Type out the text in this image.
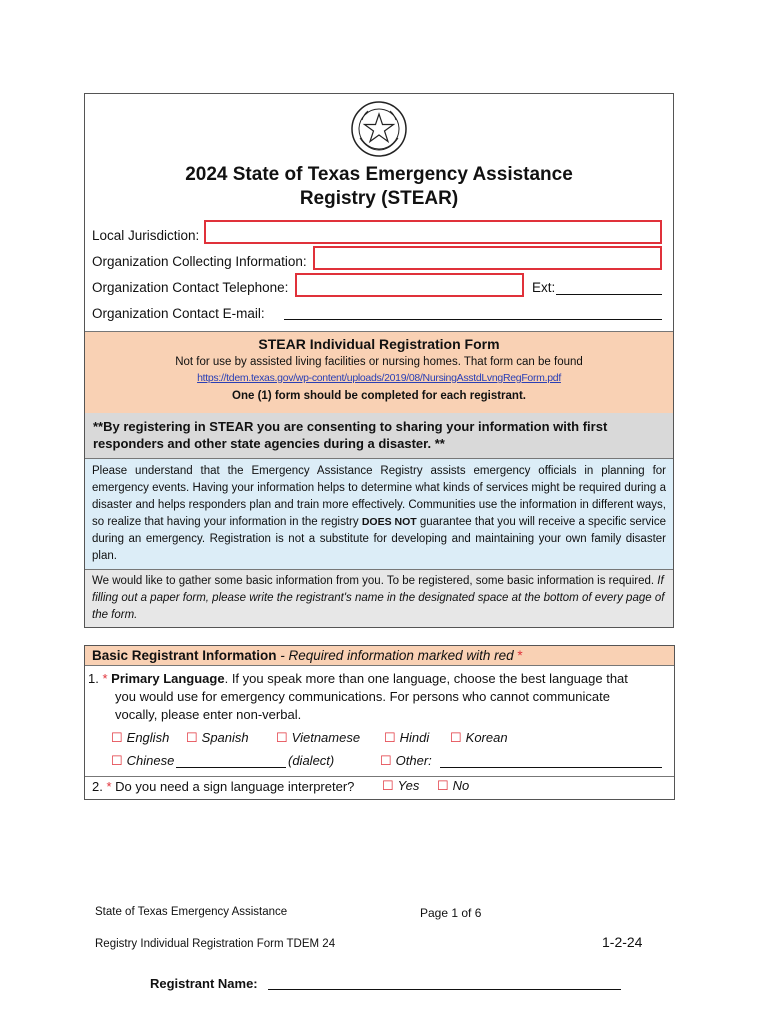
2024 State of Texas Emergency Assistance
Registry (STEAR)
Local Jurisdiction:
Organization Collecting Information:
Organization Contact Telephone:	Ext:
Organization Contact E-mail:
STEAR Individual Registration Form
Not for use by assisted living facilities or nursing homes. That form can be found
https://tdem.texas.gov/wp-content/uploads/2019/08/NursingAsstdLvngRegForm.pdf
One (1) form should be completed for each registrant.
**By registering in STEAR you are consenting to sharing your information with first responders and other state agencies during a disaster. **
Please understand that the Emergency Assistance Registry assists emergency officials in planning for emergency events. Having your information helps to determine what kinds of services might be required during a disaster and helps responders plan and train more effectively. Communities use the information in different ways, so realize that having your information in the registry DOES NOT guarantee that you will receive a specific service during an emergency. Registration is not a substitute for developing and maintaining your own family disaster plan.
We would like to gather some basic information from you. To be registered, some basic information is required. If filling out a paper form, please write the registrant's name in the designated space at the bottom of every page of the form.
Basic Registrant Information - Required information marked with red *
1. * Primary Language. If you speak more than one language, choose the best language that
you would use for emergency communications. For persons who cannot communicate
vocally, please enter non-verbal.
☐ English ☐ Spanish ☐ Vietnamese ☐ Hindi ☐ Korean
☐ Chinese	(dialect)	☐ Other:
2. * Do you need a sign language interpreter? ☐ Yes ☐ No
State of Texas Emergency Assistance	Page 1 of 6
Registry Individual Registration Form TDEM 24	1-2-24
Registrant Name:
